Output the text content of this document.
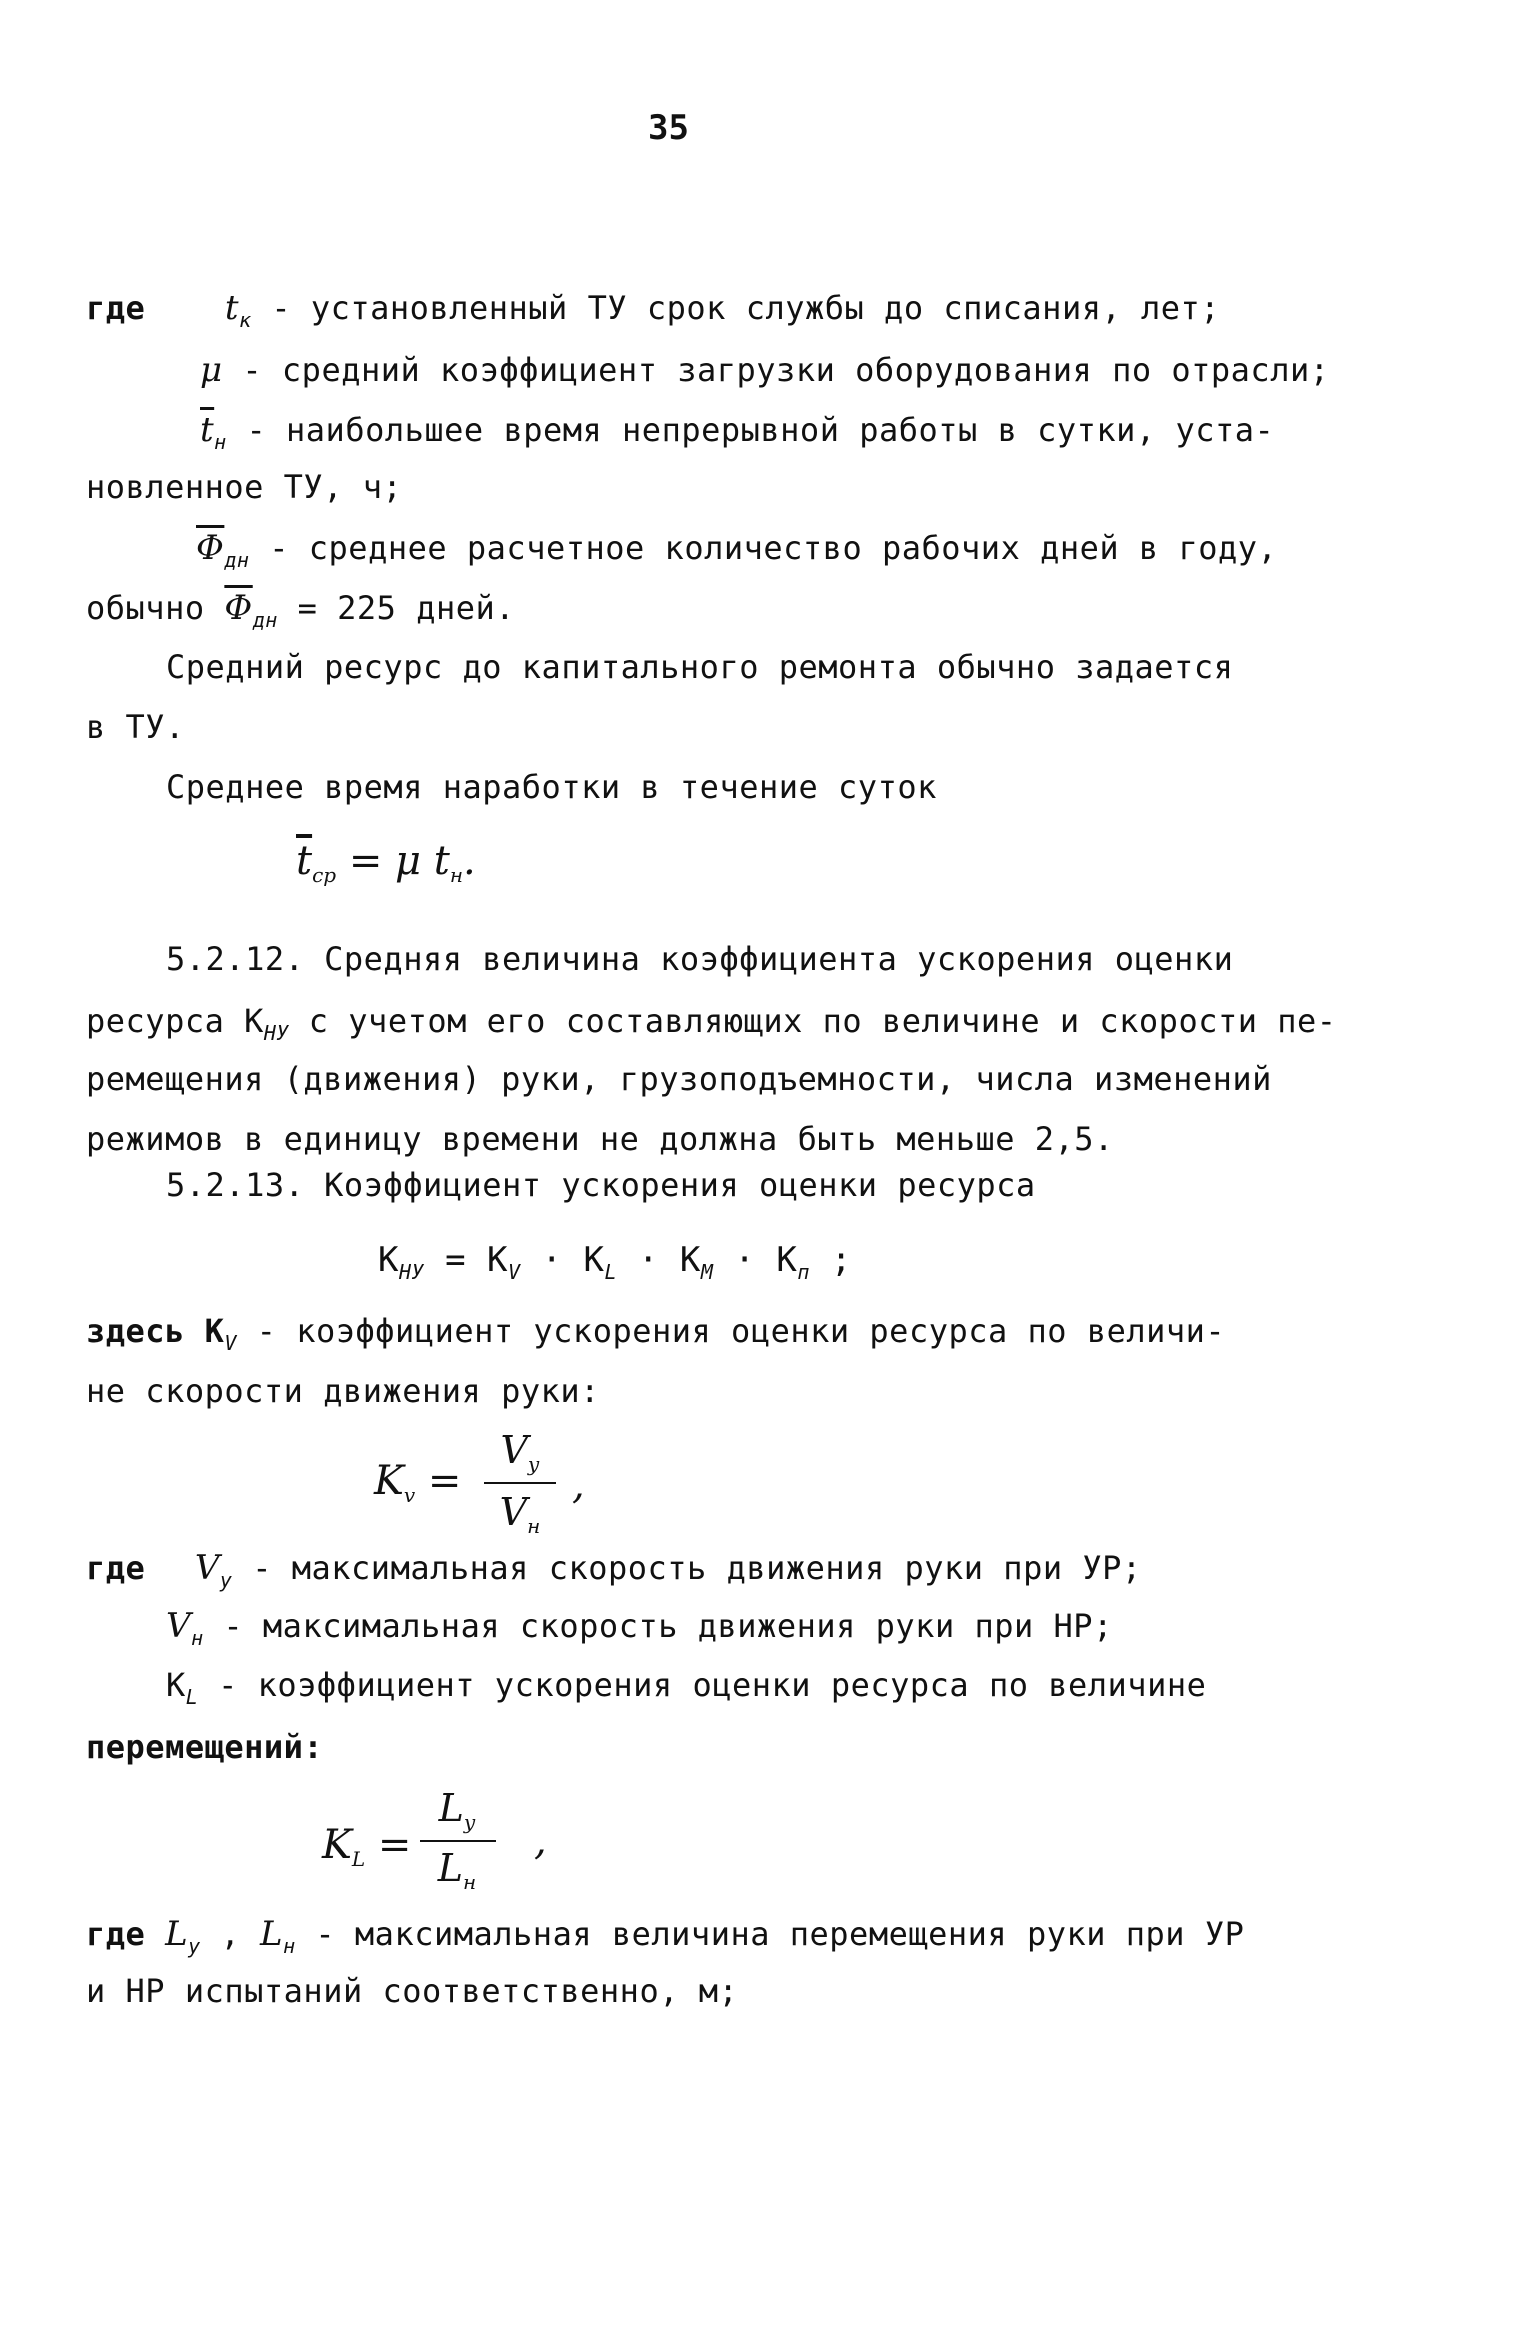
35
где $t_к$ - установленный ТУ срок службы до списания, лет;
μ - средний коэффициент загрузки оборудования по отрасли;
$\overline{t}_н$ - наибольшее время непрерывной работы в сутки, уста-
новленное ТУ, ч;
$\overline{\Phi}_{дн}$ - среднее расчетное количество рабочих дней в году,
обычно $\overline{\Phi}_{дн} = 225$ дней.
Средний ресурс до капитального ремонта обычно задается
в ТУ.
Среднее время наработки в течение суток
$\overline{t}_{ср} = \mu$ $t_н$.
5.2.12. Средняя величина коэффициента ускорения оценки
ресурса $К_{НУ}$ с учетом его составляющих по величине и скорости пе-
ремещения (движения) руки, грузоподъемности, числа изменений
режимов в единицу времени не должна быть меньше 2,5.
5.2.13. Коэффициент ускорения оценки ресурса
$К_{НУ} = К_V \cdot К_L \cdot К_М \cdot К_п$ ;
здесь $К_V$ - коэффициент ускорения оценки ресурса по величи-
не скорости движения руки:
$K_v$ =
$V_у$
$V_н$
,
где $V_у$ - максимальная скорость движения руки при УР;
$V_н$ - максимальная скорость движения руки при НР;
$К_L$ - коэффициент ускорения оценки ресурса по величине
перемещений:
$K_L$ =
$L_у$
$L_н$
,
где $L_у$ , $L_н$ - максимальная величина перемещения руки при УР
и НР испытаний соответственно, м;
